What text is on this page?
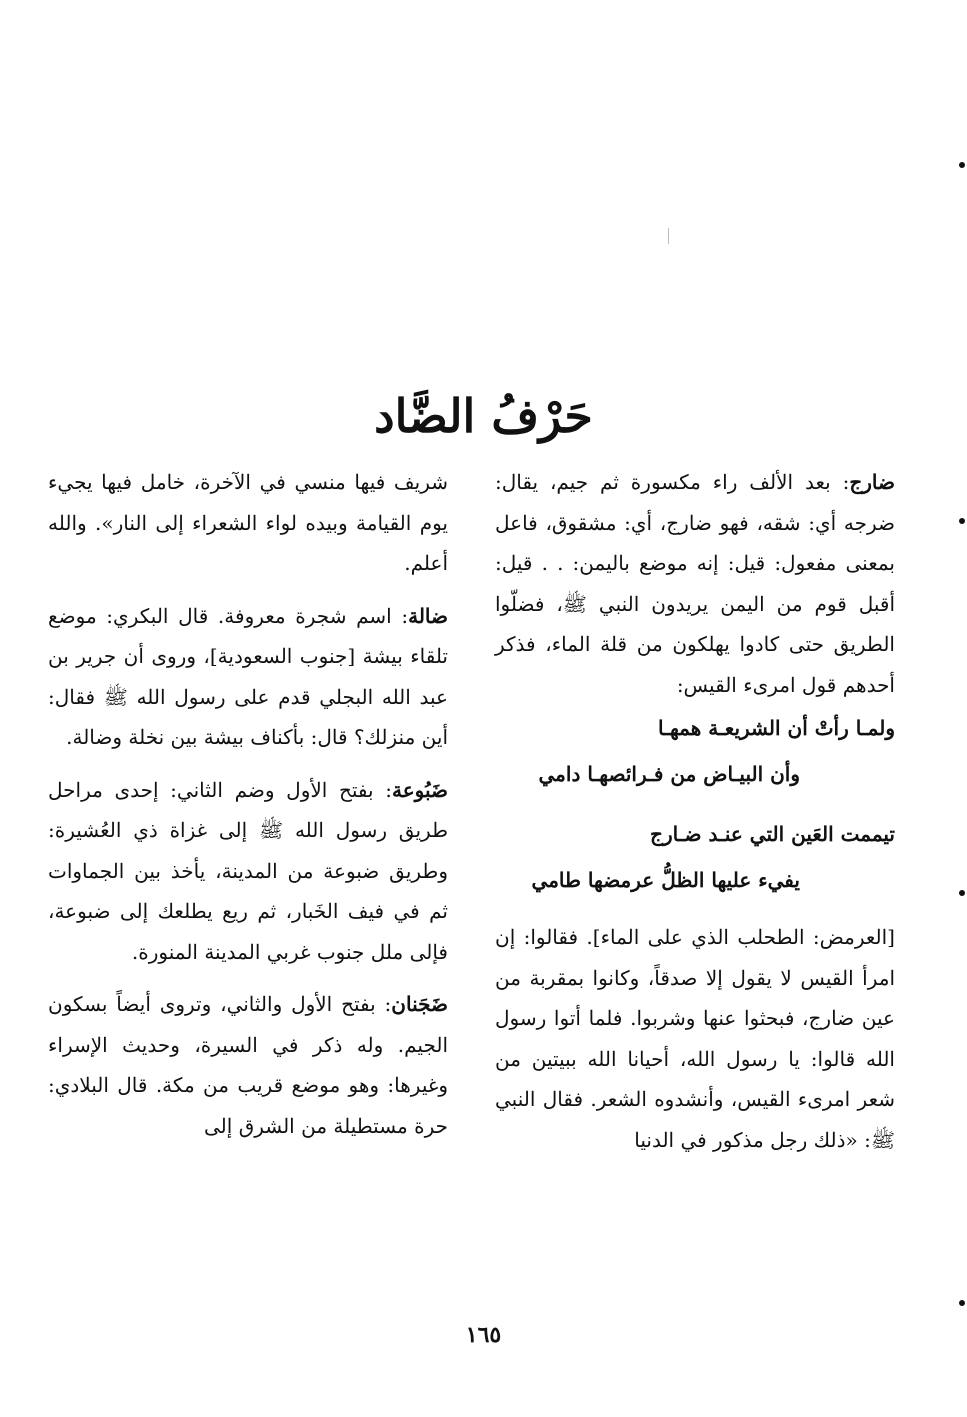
حَرْفُ الضَّاد

ضارج: بعد الألف راء مكسورة ثم جيم، يقال: ضرجه أي: شقه، فهو ضارج، أي: مشقوق، فاعل بمعنى مفعول: قيل: إنه موضع باليمن: . . قيل: أقبل قوم من اليمن يريدون النبي ﷺ، فضلّوا الطريق حتى كادوا يهلكون من قلة الماء، فذكر أحدهم قول امرىء القيس:

ولمـا رأتْ أن الشريعـة همهـا
وأن البيـاض من فـرائصهـا دامي
تيممت العَين التي عنـد ضـارج
يفيء عليها الظلُّ عرمضها طامي

[العرمض: الطحلب الذي على الماء]. فقالوا: إن امرأ القيس لا يقول إلا صدقاً، وكانوا بمقربة من عين ضارج، فبحثوا عنها وشربوا. فلما أتوا رسول الله قالوا: يا رسول الله، أحيانا الله ببيتين من شعر امرىء القيس، وأنشدوه الشعر. فقال النبي ﷺ: «ذلك رجل مذكور في الدنيا

شريف فيها منسي في الآخرة، خامل فيها يجيء يوم القيامة وبيده لواء الشعراء إلى النار». والله أعلم.

ضالة: اسم شجرة معروفة. قال البكري: موضع تلقاء بيشة [جنوب السعودية]، وروى أن جرير بن عبد الله البجلي قدم على رسول الله ﷺ فقال: أين منزلك؟ قال: بأكناف بيشة بين نخلة وضالة.

ضَبُوعة: بفتح الأول وضم الثاني: إحدى مراحل طريق رسول الله ﷺ إلى غزاة ذي العُشيرة: وطريق ضبوعة من المدينة، يأخذ بين الجماوات ثم في فيف الخَبار، ثم ريع يطلعك إلى ضبوعة، فإلى ملل جنوب غربي المدينة المنورة.

ضَجَنان: بفتح الأول والثاني، وتروى أيضاً بسكون الجيم. وله ذكر في السيرة، وحديث الإسراء وغيرها: وهو موضع قريب من مكة. قال البلادي: حرة مستطيلة من الشرق إلى

١٦٥
